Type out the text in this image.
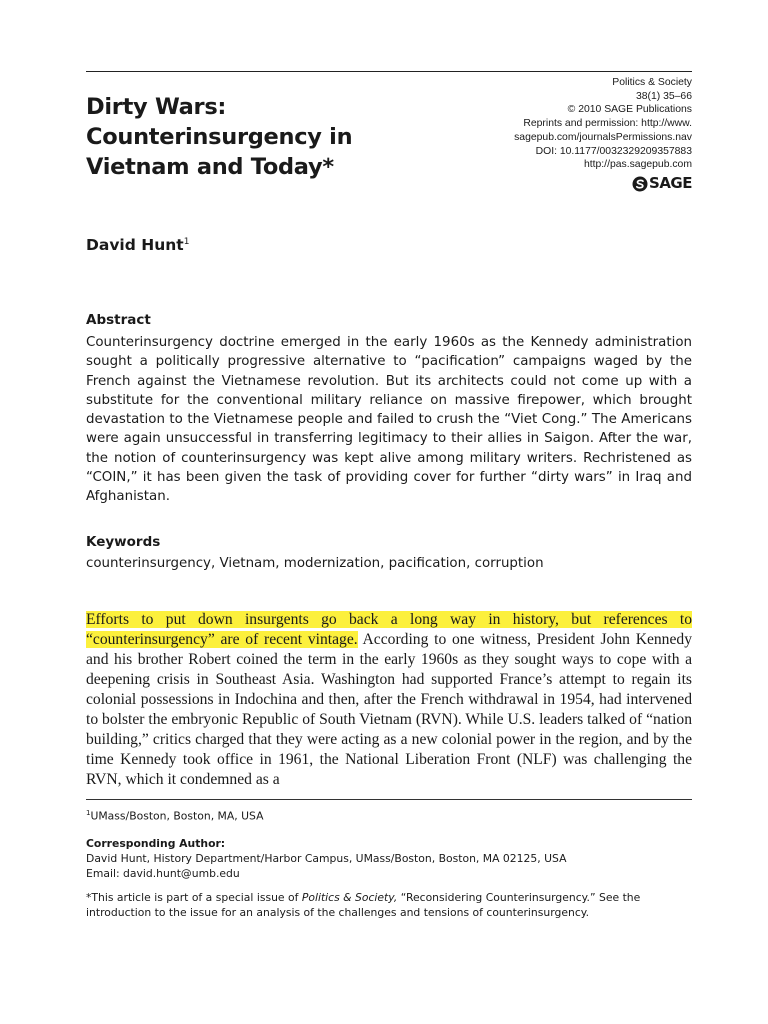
Dirty Wars:
Counterinsurgency in
Vietnam and Today*
Politics & Society
38(1) 35–66
© 2010 SAGE Publications
Reprints and permission: http://www.
sagepub.com/journalsPermissions.nav
DOI: 10.1177/0032329209357883
http://pas.sagepub.com
SAGE

David Hunt$^1$

Abstract

Counterinsurgency doctrine emerged in the early 1960s as the Kennedy administration sought a politically progressive alternative to “pacification” campaigns waged by the French against the Vietnamese revolution. But its architects could not come up with a substitute for the conventional military reliance on massive firepower, which brought devastation to the Vietnamese people and failed to crush the “Viet Cong.” The Americans were again unsuccessful in transferring legitimacy to their allies in Saigon. After the war, the notion of counterinsurgency was kept alive among military writers. Rechristened as “COIN,” it has been given the task of providing cover for further “dirty wars” in Iraq and Afghanistan.

Keywords

counterinsurgency, Vietnam, modernization, pacification, corruption

Efforts to put down insurgents go back a long way in history, but references to “counterinsurgency” are of recent vintage. According to one witness, President John Kennedy and his brother Robert coined the term in the early 1960s as they sought ways to cope with a deepening crisis in Southeast Asia. Washington had supported France’s attempt to regain its colonial possessions in Indochina and then, after the French withdrawal in 1954, had intervened to bolster the embryonic Republic of South Vietnam (RVN). While U.S. leaders talked of “nation building,” critics charged that they were acting as a new colonial power in the region, and by the time Kennedy took office in 1961, the National Liberation Front (NLF) was challenging the RVN, which it condemned as a

$^1$UMass/Boston, Boston, MA, USA

Corresponding Author:

David Hunt, History Department/Harbor Campus, UMass/Boston, Boston, MA 02125, USA

Email: david.hunt@umb.edu

*This article is part of a special issue of Politics & Society, “Reconsidering Counterinsurgency.” See the introduction to the issue for an analysis of the challenges and tensions of counterinsurgency.
